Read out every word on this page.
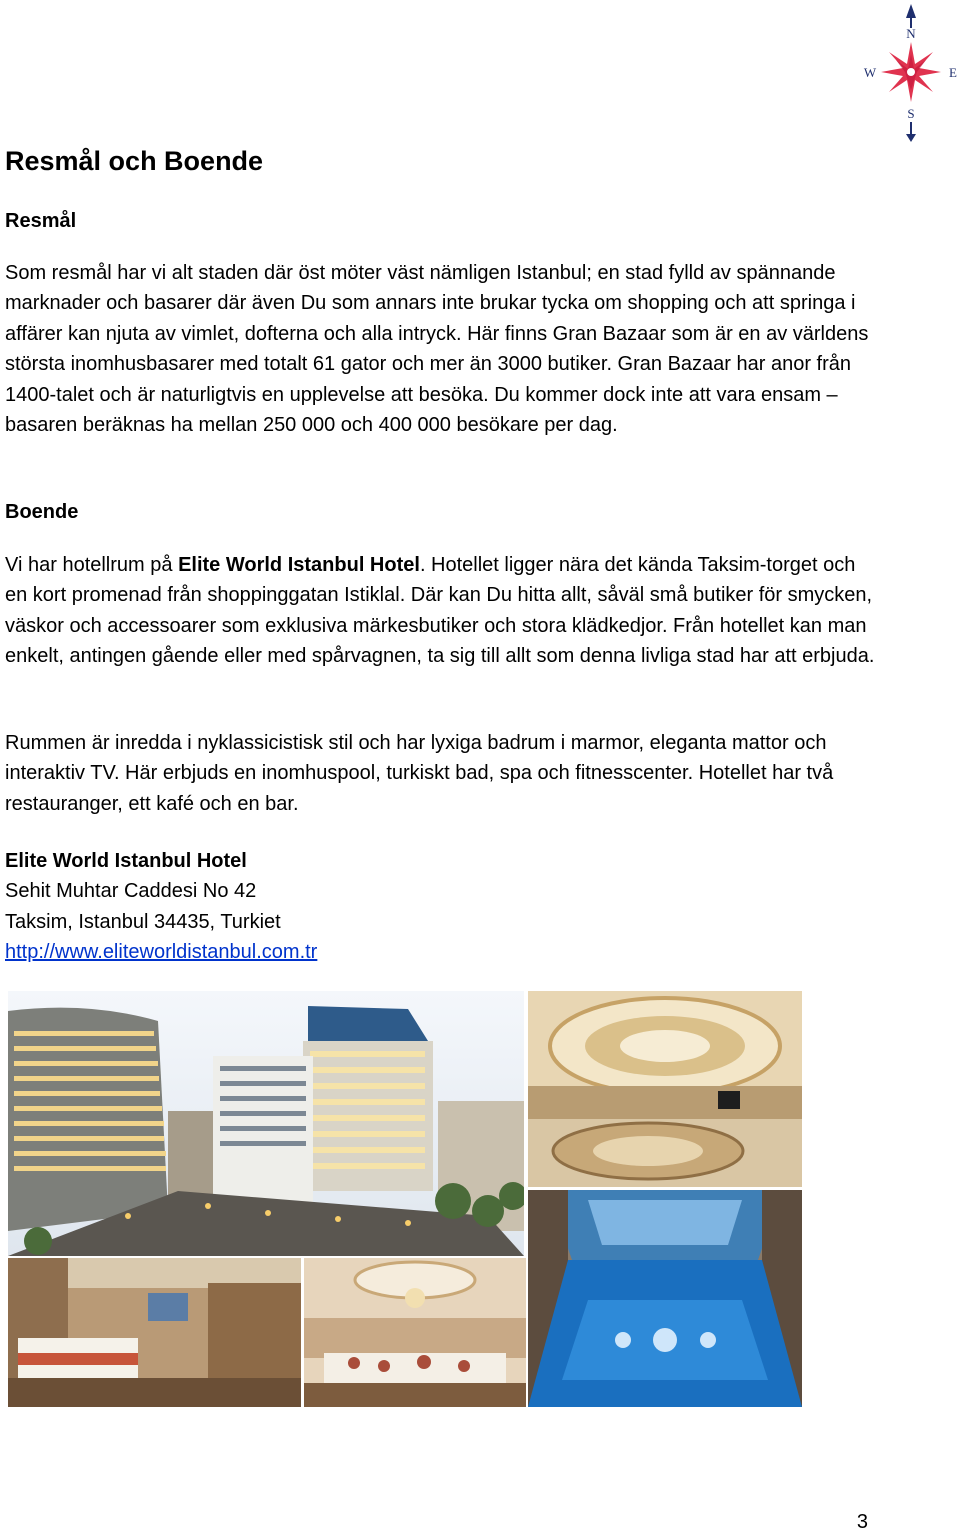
N
W	E
S
Resmål och Boende
Resmål

Som resmål har vi alt staden där öst möter väst nämligen Istanbul; en stad fylld av spännande marknader och basarer där även Du som annars inte brukar tycka om shopping och att springa i affärer kan njuta av vimlet, dofterna och alla intryck. Här finns Gran Bazaar som är en av världens största inomhusbasarer med totalt 61 gator och mer än 3000 butiker. Gran Bazaar har anor från 1400-talet och är naturligtvis en upplevelse att besöka. Du kommer dock inte att vara ensam – basaren beräknas ha mellan 250 000 och 400 000 besökare per dag.

Boende

Vi har hotellrum på Elite World Istanbul Hotel. Hotellet ligger nära det kända Taksim-torget och en kort promenad från shoppinggatan Istiklal. Där kan Du hitta allt, såväl små butiker för smycken, väskor och accessoarer som exklusiva märkesbutiker och stora klädkedjor. Från hotellet kan man enkelt, antingen gående eller med spårvagnen, ta sig till allt som denna livliga stad har att erbjuda.

Rummen är inredda i nyklassicistisk stil och har lyxiga badrum i marmor, eleganta mattor och interaktiv TV. Här erbjuds en inomhuspool, turkiskt bad, spa och fitnesscenter. Hotellet har två restauranger, ett kafé och en bar.

Elite World Istanbul Hotel
Sehit Muhtar Caddesi No 42
Taksim, Istanbul 34435, Turkiet
http://www.eliteworldistanbul.com.tr
3
